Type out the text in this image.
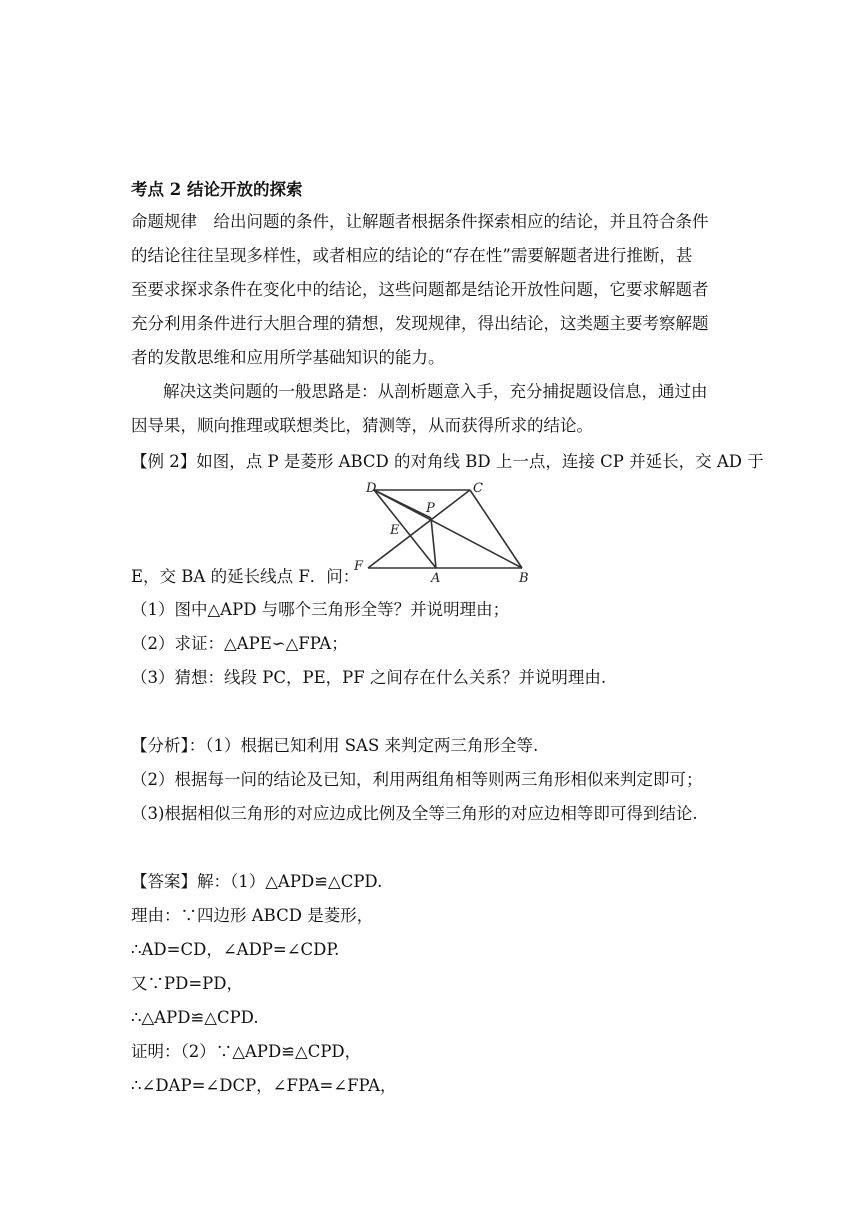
考点 2 结论开放的探索
命题规律　给出问题的条件，让解题者根据条件探索相应的结论，并且符合条件
的结论往往呈现多样性，或者相应的结论的“存在性”需要解题者进行推断，甚
至要求探求条件在变化中的结论，这些问题都是结论开放性问题，它要求解题者
充分利用条件进行大胆合理的猜想，发现规律，得出结论，这类题主要考察解题
者的发散思维和应用所学基础知识的能力。
解决这类问题的一般思路是：从剖析题意入手，充分捕捉题设信息，通过由
因导果，顺向推理或联想类比，猜测等，从而获得所求的结论。
【例 2】如图，点 P 是菱形 ABCD 的对角线 BD 上一点，连接 CP 并延长，交 AD 于
D	C
P
E
F
A	B
E，交 BA 的延长线点 F．问：
（1）图中△APD 与哪个三角形全等？并说明理由；
（2）求证：△APE∽△FPA；
（3）猜想：线段 PC，PE，PF 之间存在什么关系？并说明理由.
【分析】：（1）根据已知利用 SAS 来判定两三角形全等.
（2）根据每一问的结论及已知，利用两组角相等则两三角形相似来判定即可；
（3)根据相似三角形的对应边成比例及全等三角形的对应边相等即可得到结论.
【答案】解：（1）△APD≌△CPD.
理由：∵四边形 ABCD 是菱形，
∴AD=CD，∠ADP=∠CDP.
又∵PD=PD，
∴△APD≌△CPD.
证明：（2）∵△APD≌△CPD，
∴∠DAP=∠DCP，∠FPA=∠FPA，
